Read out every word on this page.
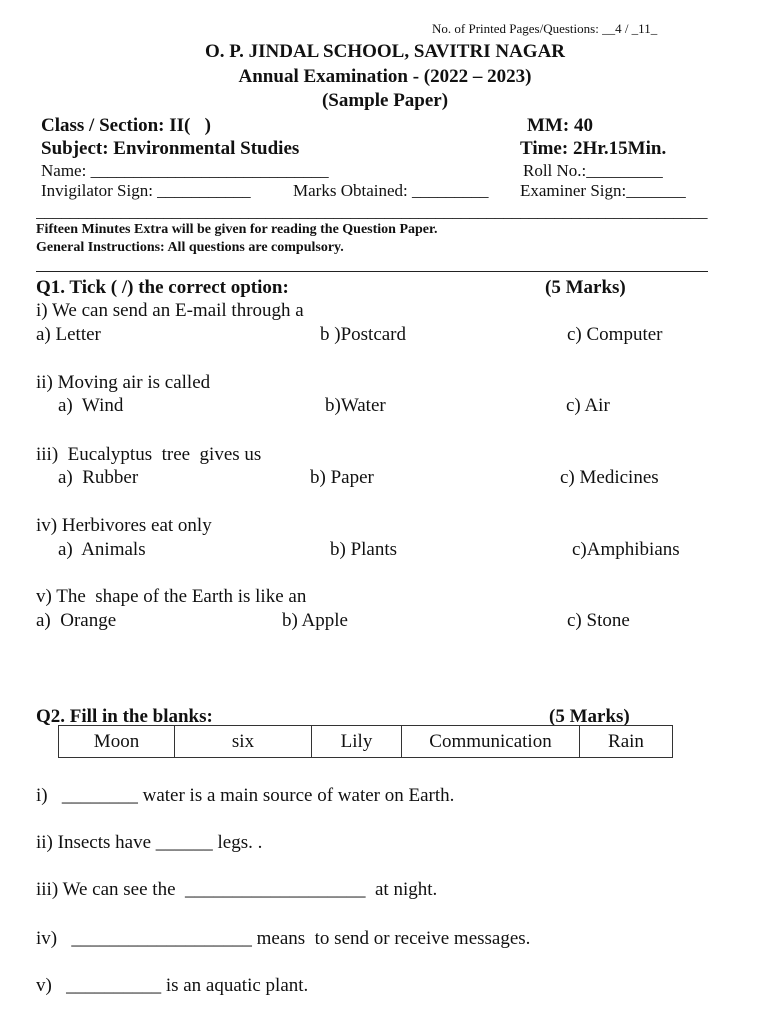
No. of Printed Pages/Questions: __4 / _11_
O. P. JINDAL SCHOOL, SAVITRI NAGAR
Annual Examination - (2022 – 2023)
(Sample Paper)
Class / Section: II(   )	MM: 40
Subject: Environmental Studies	Time: 2Hr.15Min.
Name: ____________________________	Roll No.:_________
Invigilator Sign: ___________ Marks Obtained: _________ Examiner Sign:_______
_______________________________________________________________________________
Fifteen Minutes Extra will be given for reading the Question Paper.
General Instructions: All questions are compulsory.
Q1. Tick ( /) the correct option:	(5 Marks)
i) We can send an E-mail through a
a) Letter	b )Postcard	c) Computer
ii) Moving air is called
a)  Wind	b)Water	c) Air
iii)  Eucalyptus  tree  gives us
a)  Rubber	b) Paper	c) Medicines
iv) Herbivores eat only
a)  Animals	b) Plants	c)Amphibians
v) The  shape of the Earth is like an
a)  Orange	b) Apple	c) Stone
Q2. Fill in the blanks:	(5 Marks)
Moon	six	Lily	Communication	Rain
i)   ________ water is a main source of water on Earth.
ii) Insects have ______ legs. .
iii) We can see the  ___________________  at night.
iv)   ___________________ means  to send or receive messages.
v)   __________ is an aquatic plant.
